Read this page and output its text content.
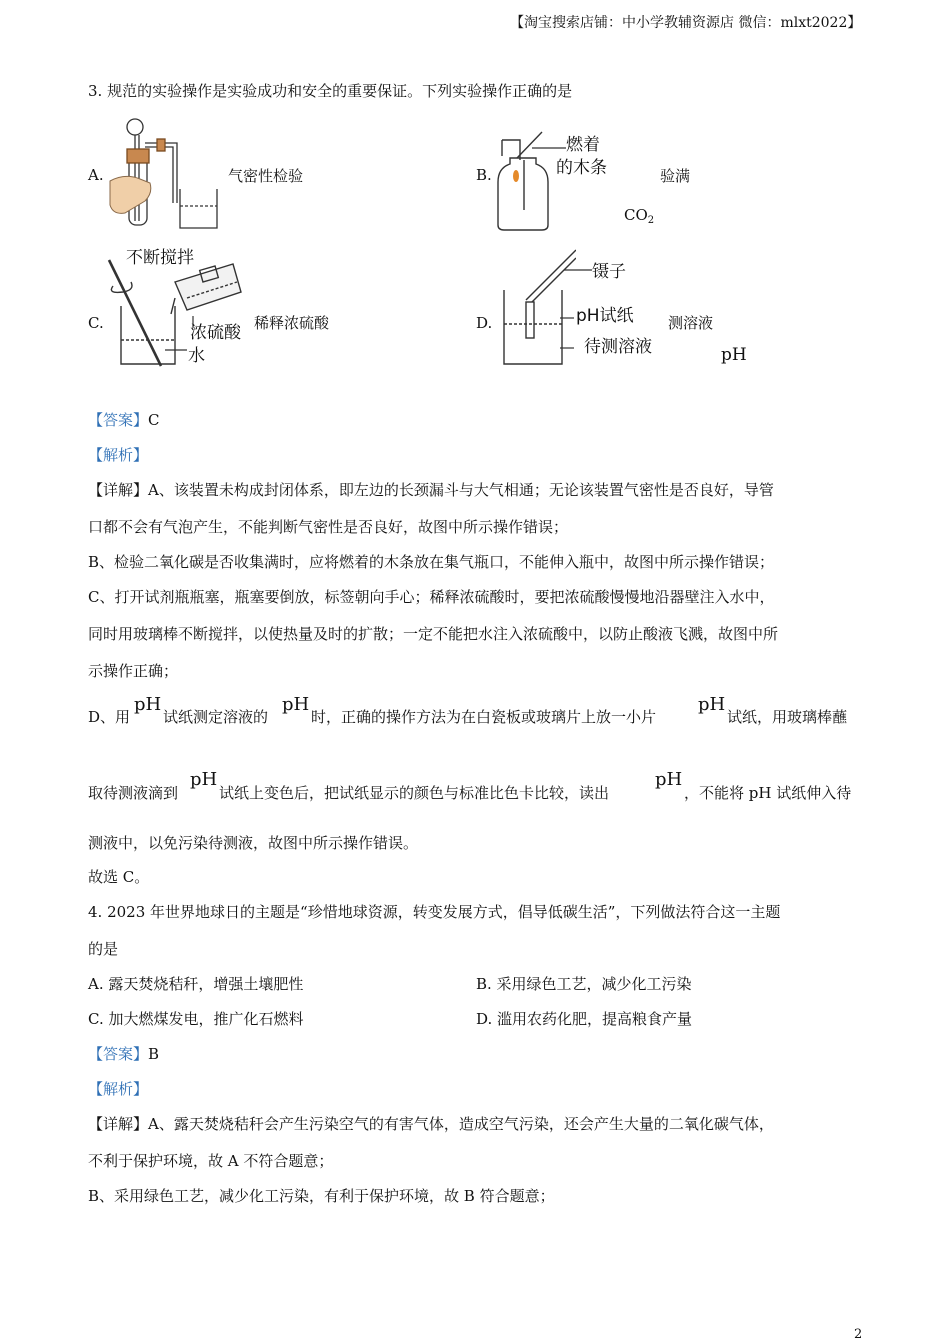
【淘宝搜索店铺：中小学教辅资源店 微信：mlxt2022】
3. 规范的实验操作是实验成功和安全的重要保证。下列实验操作正确的是
A.	气密性检验	B.
燃着
的木条	验满
$CO_2$
不断搅拌
C.	浓硫酸
水
稀释浓硫酸	D.
镊子
pH试纸
待测溶液
测溶液
pH
【答案】C
【解析】
【详解】A、该装置未构成封闭体系，即左边的长颈漏斗与大气相通；无论该装置气密性是否良好，导管
口都不会有气泡产生，不能判断气密性是否良好，故图中所示操作错误；
B、检验二氧化碳是否收集满时，应将燃着的木条放在集气瓶口，不能伸入瓶中，故图中所示操作错误；
C、打开试剂瓶瓶塞，瓶塞要倒放，标签朝向手心；稀释浓硫酸时，要把浓硫酸慢慢地沿器壁注入水中，
同时用玻璃棒不断搅拌，以使热量及时的扩散；一定不能把水注入浓硫酸中，以防止酸液飞溅，故图中所
示操作正确；
D、用
pH
试纸测定溶液的
pH
时，正确的操作方法为在白瓷板或玻璃片上放一小片
pH
试纸，用玻璃棒蘸
取待测液滴到
pH
试纸上变色后，把试纸显示的颜色与标准比色卡比较，读出
pH
，不能将 pH 试纸伸入待
测液中，以免污染待测液，故图中所示操作错误。
故选 C。
4. 2023 年世界地球日的主题是“珍惜地球资源，转变发展方式，倡导低碳生活”，下列做法符合这一主题
的是
A. 露天焚烧秸秆，增强土壤肥性	B. 采用绿色工艺，减少化工污染
C. 加大燃煤发电，推广化石燃料	D. 滥用农药化肥，提高粮食产量
【答案】B
【解析】
【详解】A、露天焚烧秸秆会产生污染空气的有害气体，造成空气污染，还会产生大量的二氧化碳气体，
不利于保护环境，故 A 不符合题意；
B、采用绿色工艺，减少化工污染，有利于保护环境，故 B 符合题意；
2
